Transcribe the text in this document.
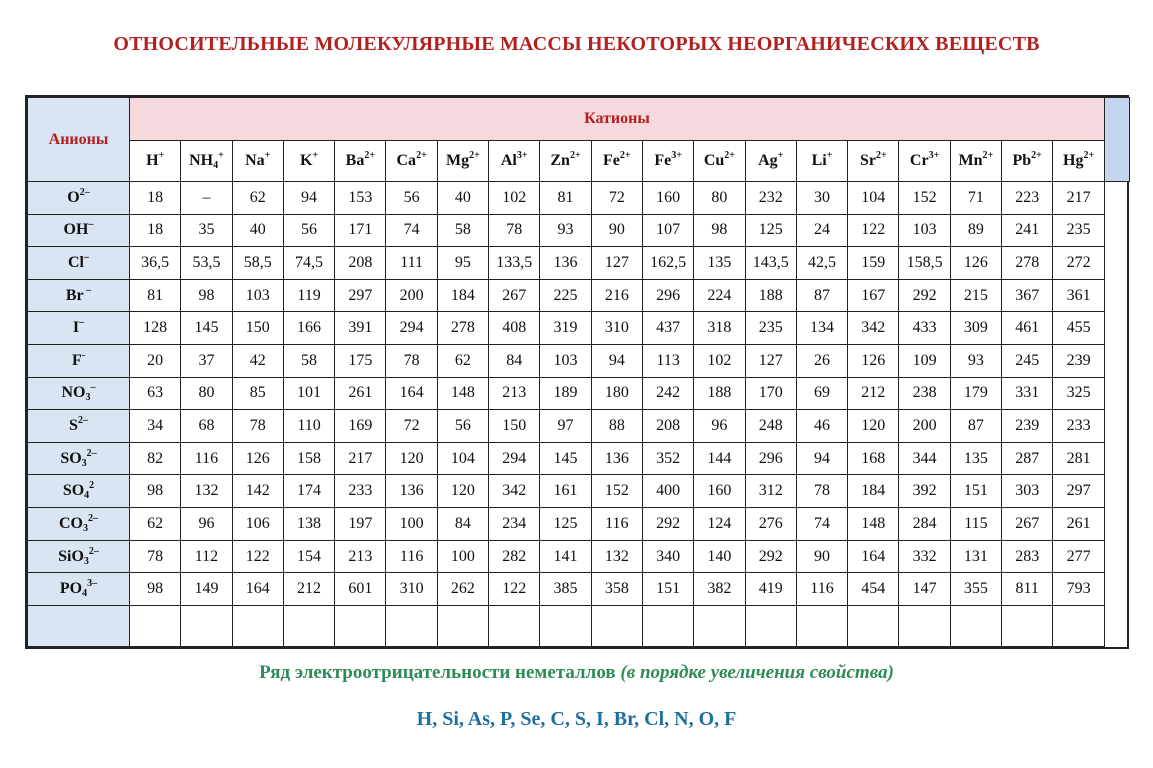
ОТНОСИТЕЛЬНЫЕ МОЛЕКУЛЯРНЫЕ МАССЫ НЕКОТОРЫХ НЕОРГАНИЧЕСКИХ ВЕЩЕСТВ
Анионы	Катионы																			
	H+	$NH_4^+$	Na+	K+	$Ba^{2+}$	$Ca^{2+}$	$Mg^{2+}$	$Al^{3+}$	$Zn^{2+}$	$Fe^{2+}$	$Fe^{3+}$	$Cu^{2+}$	Ag+	Li+	$Sr^{2+}$	$Cr^{3+}$	$Mn^{2+}$	$Pb^{2+}$	$Hg^{2+}$
$O^{2-}$	18	–	62	94	153	56	40	102	81	72	160	80	232	30	104	152	71	223	217	
OH–	18	35	40	56	171	74	58	78	93	90	107	98	125	24	122	103	89	241	235	
Cl–	36,5	53,5	58,5	74,5	208	111	95	133,5	136	127	162,5	135	143,5	42,5	159	158,5	126	278	272	
Br –	81	98	103	119	297	200	184	267	225	216	296	224	188	87	167	292	215	367	361	
I–	128	145	150	166	391	294	278	408	319	310	437	318	235	134	342	433	309	461	455	
F-	20	37	42	58	175	78	62	84	103	94	113	102	127	26	126	109	93	245	239	
$NO_3^-$	63	80	85	101	261	164	148	213	189	180	242	188	170	69	212	238	179	331	325	
$S^{2-}$	34	68	78	110	169	72	56	150	97	88	208	96	248	46	120	200	87	239	233	
$SO_3^{2-}$	82	116	126	158	217	120	104	294	145	136	352	144	296	94	168	344	135	287	281	
$SO_4^2$	98	132	142	174	233	136	120	342	161	152	400	160	312	78	184	392	151	303	297	
$CO_3^{2-}$	62	96	106	138	197	100	84	234	125	116	292	124	276	74	148	284	115	267	261	
SiO$_3^{2-}$	78	112	122	154	213	116	100	282	141	132	340	140	292	90	164	332	131	283	277	
$PO_4^{3-}$	98	149	164	212	601	310	262	122	385	358	151	382	419	116	454	147	355	811	793	

Ряд электроотрицательности неметаллов (в порядке увеличения свойства)
H, Si, As, P, Se, C, S, I, Br, Cl, N, O, F
